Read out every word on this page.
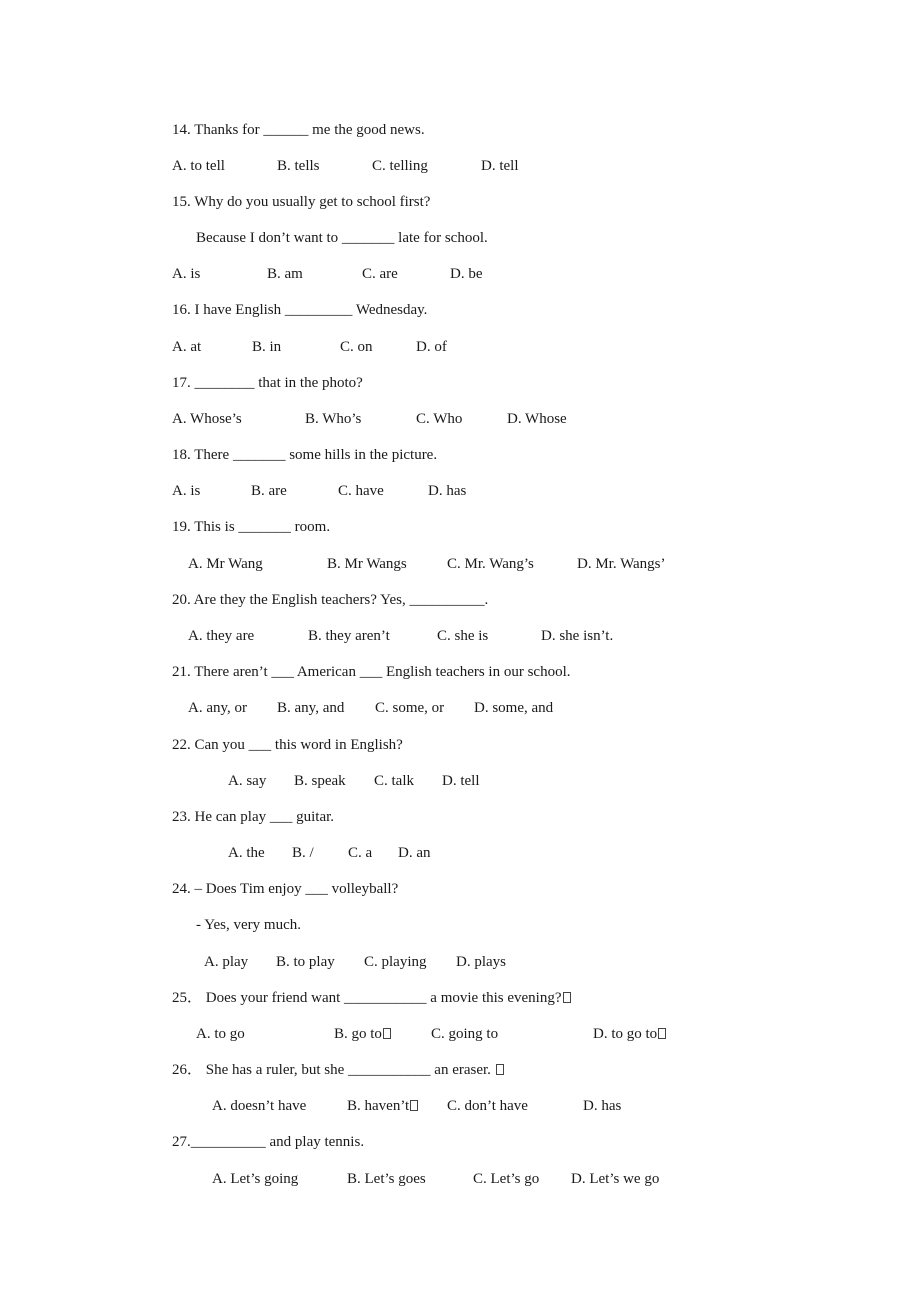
14. Thanks for ______ me the good news.
A. to tell	B. tells	C. telling	D. tell
15. Why do you usually get to school first?
Because I don’t want to _______ late for school.
A. is	B. am	C. are	D. be
16. I have English _________ Wednesday.
A. at	B. in	C. on	D. of
17. ________ that in the photo?
A. Whose’s	B. Who’s	C. Who	D. Whose
18. There _______ some hills in the picture.
A. is	B. are	C. have	D. has
19. This is _______ room.
A. Mr Wang	B. Mr Wangs	C. Mr. Wang’s	D. Mr. Wangs’
20. Are they the English teachers? Yes, __________.
A. they are	B. they aren’t	C. she is	D. she isn’t.
21. There aren’t ___ American ___ English teachers in our school.
A. any, or B. any, and C. some, or D. some, and
22. Can you ___ this word in English?
A. say B. speak C. talk D. tell
23. He can play ___ guitar.
A. the B. / C. a D. an
24. – Does Tim enjoy ___ volleyball?
- Yes, very much.
A. play B. to play C. playing D. plays
25． Does your friend want ___________ a movie this evening?
A. to go	B. go to	C. going to	D. to go to
26． She has a ruler, but she ___________ an eraser.
A. doesn’t have	B. haven’t	C. don’t have	D. has
27.__________ and play tennis.
A. Let’s going	B. Let’s goes	C. Let’s go D. Let’s we go
